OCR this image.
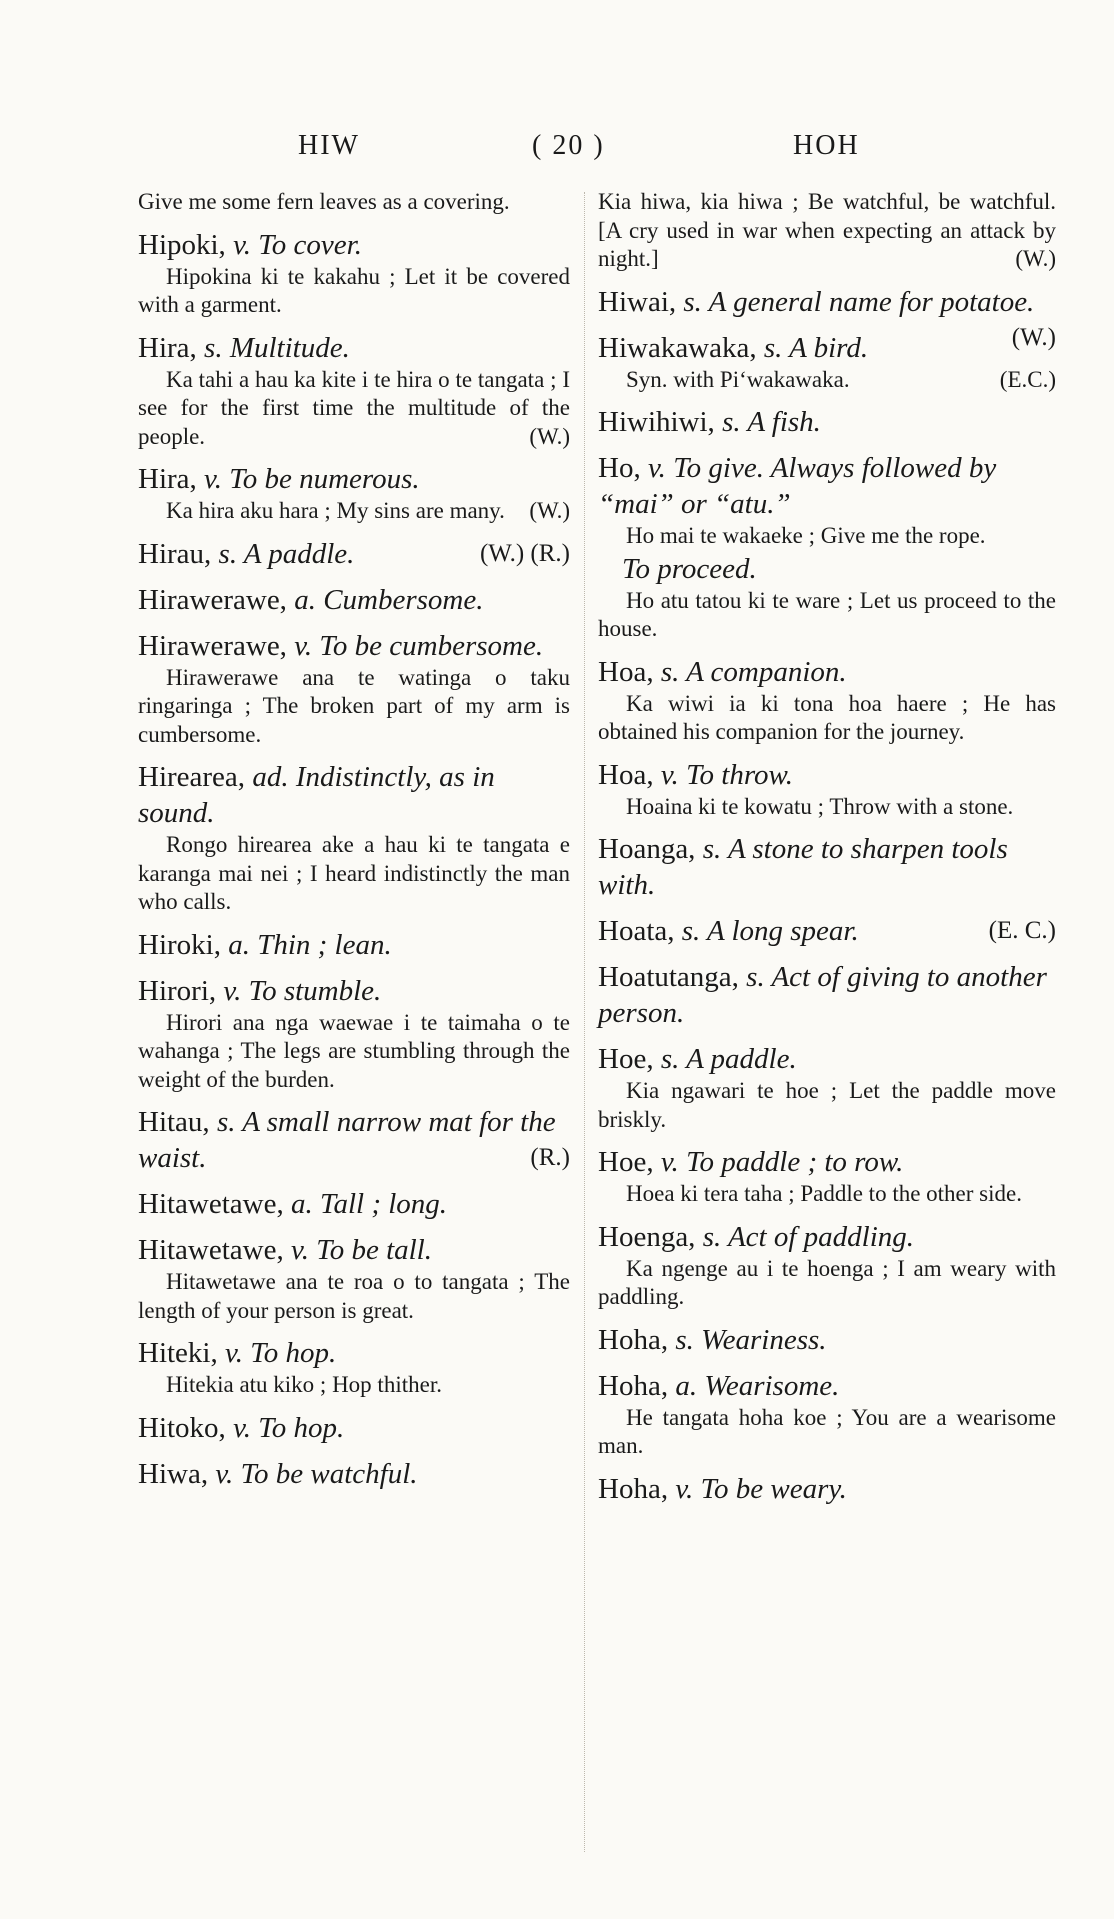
HIW	( 20 )	HOH
Give me some fern leaves as a covering.
Hipoki, v. To cover.
Hipokina ki te kakahu ; Let it be covered with a garment.
Hira, s. Multitude.
Ka tahi a hau ka kite i te hira o te tangata ; I see for the first time the multitude of the people.	(W.)
Hira, v. To be numerous.
Ka hira aku hara ; My sins are many. (W.)
Hirau, s. A paddle.	(W.) (R.)
Hirawerawe, a. Cumbersome.
Hirawerawe, v. To be cumbersome.
Hirawerawe ana te watinga o taku ringaringa ; The broken part of my arm is cumbersome.
Hirearea, ad. Indistinctly, as in sound.
Rongo hirearea ake a hau ki te tangata e karanga mai nei ; I heard indistinctly the man who calls.
Hiroki, a. Thin ; lean.
Hirori, v. To stumble.
Hirori ana nga waewae i te taimaha o te wahanga ; The legs are stumbling through the weight of the burden.
Hitau, s. A small narrow mat for the waist.	(R.)
Hitawetawe, a. Tall ; long.
Hitawetawe, v. To be tall.
Hitawetawe ana te roa o to tangata ; The length of your person is great.
Hiteki, v. To hop.
Hitekia atu kiko ; Hop thither.
Hitoko, v. To hop.
Hiwa, v. To be watchful.
Kia hiwa, kia hiwa ; Be watchful, be watchful. [A cry used in war when expecting an attack by night.]	(W.)
Hiwai, s. A general name for potatoe.
(W.)
Hiwakawaka, s. A bird.
Syn. with Pi‘wakawaka.	(E.C.)
Hiwihiwi, s. A fish.
Ho, v. To give. Always followed by “mai” or “atu.”
Ho mai te wakaeke ; Give me the rope.
To proceed.
Ho atu tatou ki te ware ; Let us proceed to the house.
Hoa, s. A companion.
Ka wiwi ia ki tona hoa haere ; He has obtained his companion for the journey.
Hoa, v. To throw.
Hoaina ki te kowatu ; Throw with a stone.
Hoanga, s. A stone to sharpen tools with.
Hoata, s. A long spear.	(E. C.)
Hoatutanga, s. Act of giving to another person.
Hoe, s. A paddle.
Kia ngawari te hoe ; Let the paddle move briskly.
Hoe, v. To paddle ; to row.
Hoea ki tera taha ; Paddle to the other side.
Hoenga, s. Act of paddling.
Ka ngenge au i te hoenga ; I am weary with paddling.
Hoha, s. Weariness.
Hoha, a. Wearisome.
He tangata hoha koe ; You are a wearisome man.
Hoha, v. To be weary.
